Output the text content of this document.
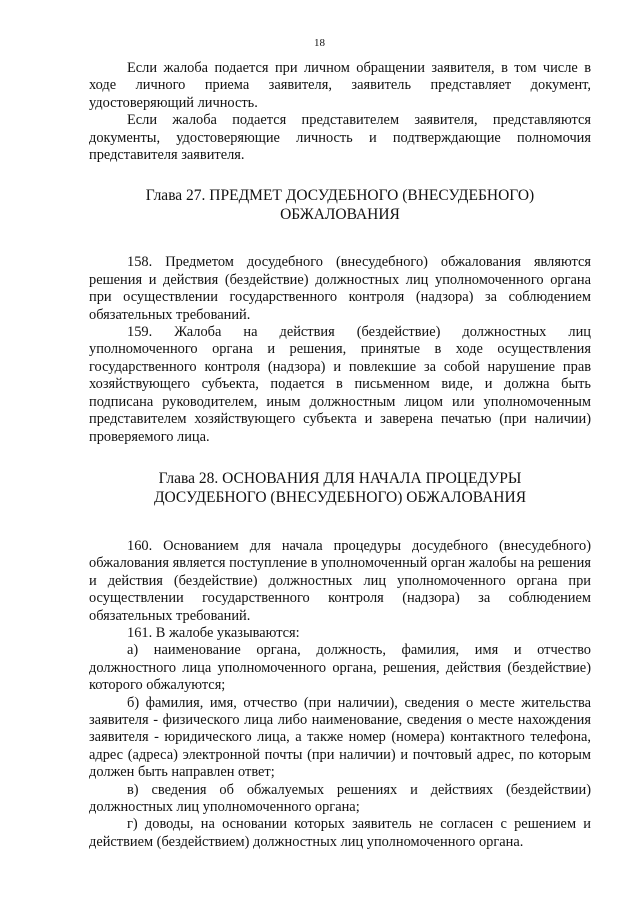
18

Если жалоба подается при личном обращении заявителя, в том числе в ходе личного приема заявителя, заявитель представляет документ, удостоверяющий личность.

Если жалоба подается представителем заявителя, представляются документы, удостоверяющие личность и подтверждающие полномочия представителя заявителя.

Глава 27. ПРЕДМЕТ ДОСУДЕБНОГО (ВНЕСУДЕБНОГО)
ОБЖАЛОВАНИЯ

158. Предметом досудебного (внесудебного) обжалования являются решения и действия (бездействие) должностных лиц уполномоченного органа при осуществлении государственного контроля (надзора) за соблюдением обязательных требований.

159. Жалоба на действия (бездействие) должностных лиц уполномоченного органа и решения, принятые в ходе осуществления государственного контроля (надзора) и повлекшие за собой нарушение прав хозяйствующего субъекта, подается в письменном виде, и должна быть подписана руководителем, иным должностным лицом или уполномоченным представителем хозяйствующего субъекта и заверена печатью (при наличии) проверяемого лица.

Глава 28. ОСНОВАНИЯ ДЛЯ НАЧАЛА ПРОЦЕДУРЫ
ДОСУДЕБНОГО (ВНЕСУДЕБНОГО) ОБЖАЛОВАНИЯ

160. Основанием для начала процедуры досудебного (внесудебного) обжалования является поступление в уполномоченный орган жалобы на решения и действия (бездействие) должностных лиц уполномоченного органа при осуществлении государственного контроля (надзора) за соблюдением обязательных требований.

161. В жалобе указываются:

а) наименование органа, должность, фамилия, имя и отчество должностного лица уполномоченного органа, решения, действия (бездействие) которого обжалуются;

б) фамилия, имя, отчество (при наличии), сведения о месте жительства заявителя - физического лица либо наименование, сведения о месте нахождения заявителя - юридического лица, а также номер (номера) контактного телефона, адрес (адреса) электронной почты (при наличии) и почтовый адрес, по которым должен быть направлен ответ;

в) сведения об обжалуемых решениях и действиях (бездействии) должностных лиц уполномоченного органа;

г) доводы, на основании которых заявитель не согласен с решением и действием (бездействием) должностных лиц уполномоченного органа.
